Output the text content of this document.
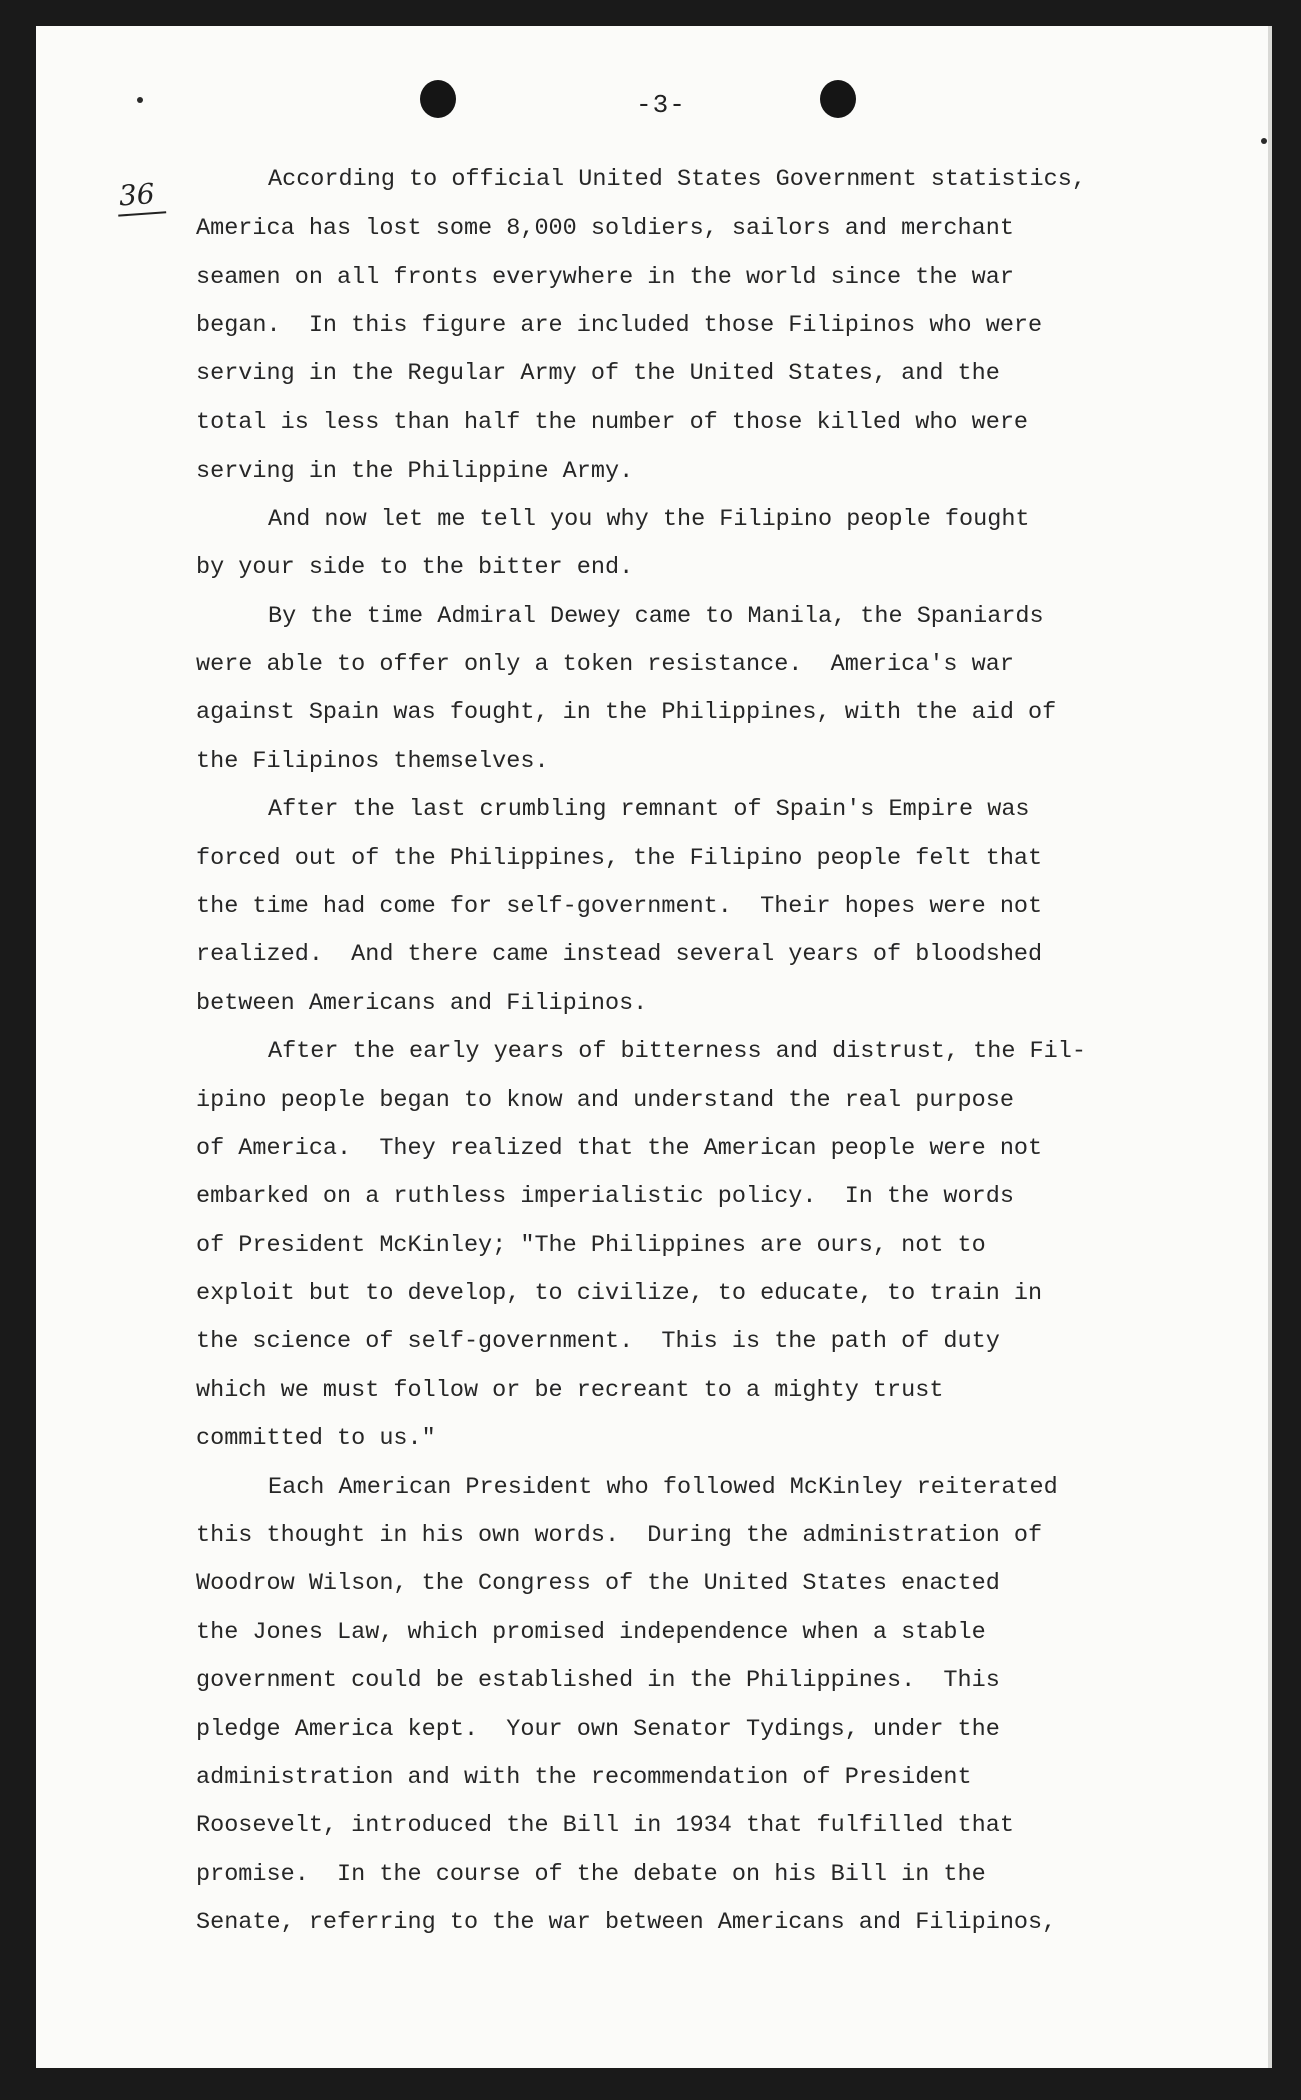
-3-
36	According to official United States Government statistics,
America has lost some 8,000 soldiers, sailors and merchant
seamen on all fronts everywhere in the world since the war
began.  In this figure are included those Filipinos who were
serving in the Regular Army of the United States, and the
total is less than half the number of those killed who were
serving in the Philippine Army.
And now let me tell you why the Filipino people fought
by your side to the bitter end.
By the time Admiral Dewey came to Manila, the Spaniards
were able to offer only a token resistance.  America's war
against Spain was fought, in the Philippines, with the aid of
the Filipinos themselves.
After the last crumbling remnant of Spain's Empire was
forced out of the Philippines, the Filipino people felt that
the time had come for self-government.  Their hopes were not
realized.  And there came instead several years of bloodshed
between Americans and Filipinos.
After the early years of bitterness and distrust, the Fil-
ipino people began to know and understand the real purpose
of America.  They realized that the American people were not
embarked on a ruthless imperialistic policy.  In the words
of President McKinley; "The Philippines are ours, not to
exploit but to develop, to civilize, to educate, to train in
the science of self-government.  This is the path of duty
which we must follow or be recreant to a mighty trust
committed to us."
Each American President who followed McKinley reiterated
this thought in his own words.  During the administration of
Woodrow Wilson, the Congress of the United States enacted
the Jones Law, which promised independence when a stable
government could be established in the Philippines.  This
pledge America kept.  Your own Senator Tydings, under the
administration and with the recommendation of President
Roosevelt, introduced the Bill in 1934 that fulfilled that
promise.  In the course of the debate on his Bill in the
Senate, referring to the war between Americans and Filipinos,
